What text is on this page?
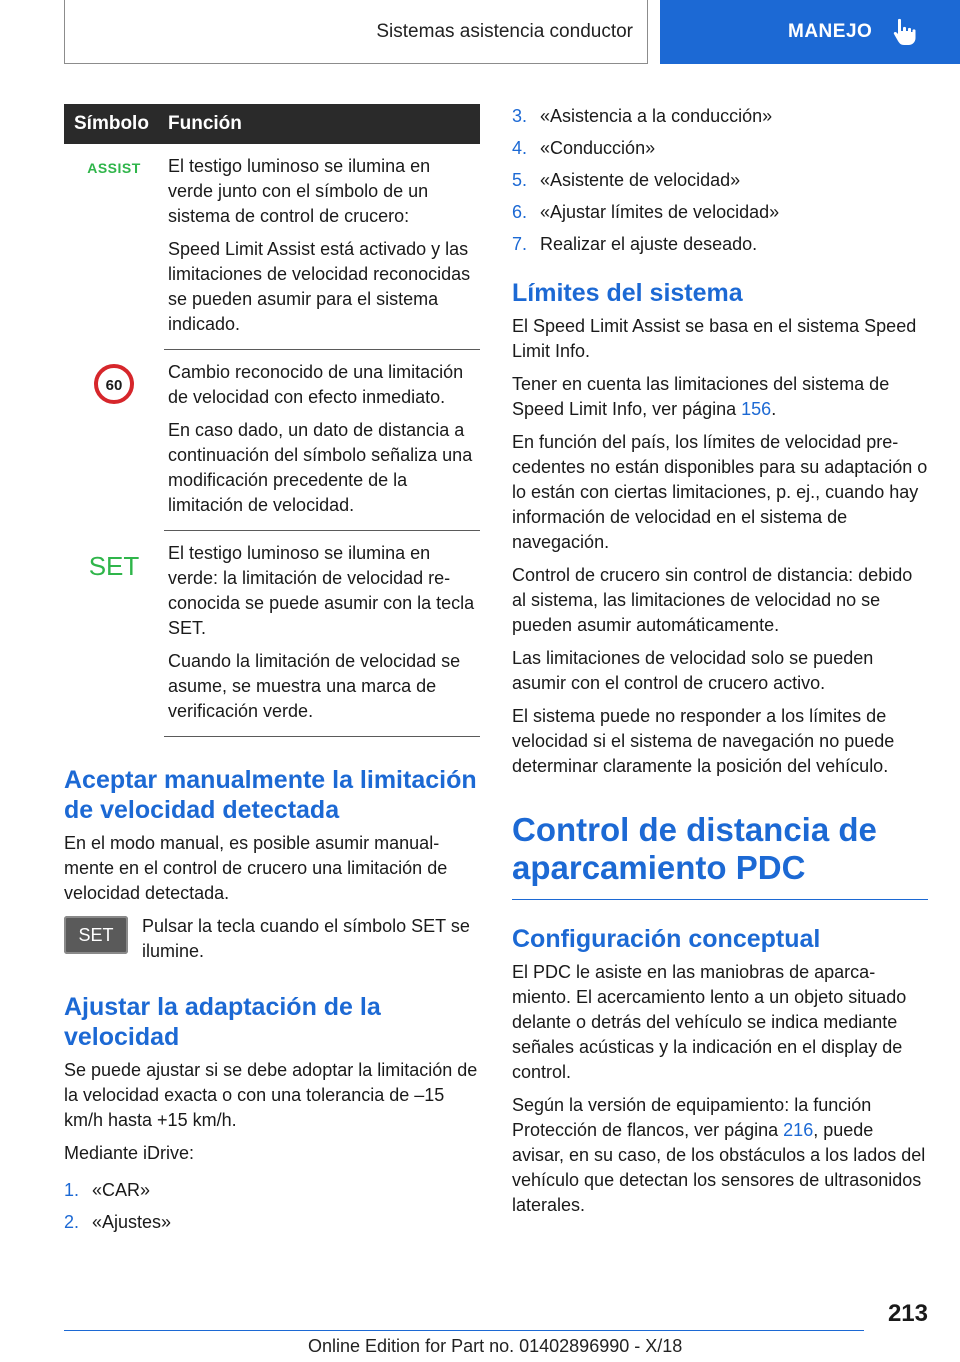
Sistemas asistencia conductor	MANEJO
Símbolo	Función
ASSIST	El testigo luminoso se ilumina en verde junto con el símbolo de un sistema de control de crucero:

Speed Limit Assist está activado y las limitaciones de velocidad reconocidas se pueden asumir para el sistema indicado.

60	Cambio reconocido de una limitación de velocidad con efecto inmediato.

En caso dado, un dato de distancia a continuación del símbolo señaliza una modificación precedente de la limitación de velocidad.

SET	El testigo luminoso se ilumina en verde: la limitación de velocidad reconocida se puede asumir con la tecla SET.

Cuando la limitación de velocidad se asume, se muestra una marca de verificación verde.

Aceptar manualmente la limitación de velocidad detectada

En el modo manual, es posible asumir manualmente en el control de crucero una limitación de velocidad detectada.

SET	Pulsar la tecla cuando el símbolo SET se ilumine.

Ajustar la adaptación de la velocidad

Se puede ajustar si se debe adoptar la limitación de la velocidad exacta o con una tolerancia de –15 km/h hasta +15 km/h.

Mediante iDrive:

1. «CAR»
2. «Ajustes»
3. «Asistencia a la conducción»
4. «Conducción»
5. «Asistente de velocidad»
6. «Ajustar límites de velocidad»
7. Realizar el ajuste deseado.
Límites del sistema

El Speed Limit Assist se basa en el sistema Speed Limit Info.

Tener en cuenta las limitaciones del sistema de Speed Limit Info, ver página 156.

En función del país, los límites de velocidad precedentes no están disponibles para su adaptación o lo están con ciertas limitaciones, p. ej., cuando hay información de velocidad en el sistema de navegación.

Control de crucero sin control de distancia: debido al sistema, las limitaciones de velocidad no se pueden asumir automáticamente.

Las limitaciones de velocidad solo se pueden asumir con el control de crucero activo.

El sistema puede no responder a los límites de velocidad si el sistema de navegación no puede determinar claramente la posición del vehículo.

Control de distancia de aparcamiento PDC
Configuración conceptual

El PDC le asiste en las maniobras de aparcamiento. El acercamiento lento a un objeto situado delante o detrás del vehículo se indica mediante señales acústicas y la indicación en el display de control.

Según la versión de equipamiento: la función Protección de flancos, ver página 216, puede avisar, en su caso, de los obstáculos a los lados del vehículo que detectan los sensores de ultrasonidos laterales.

213
Online Edition for Part no. 01402896990 - X/18
